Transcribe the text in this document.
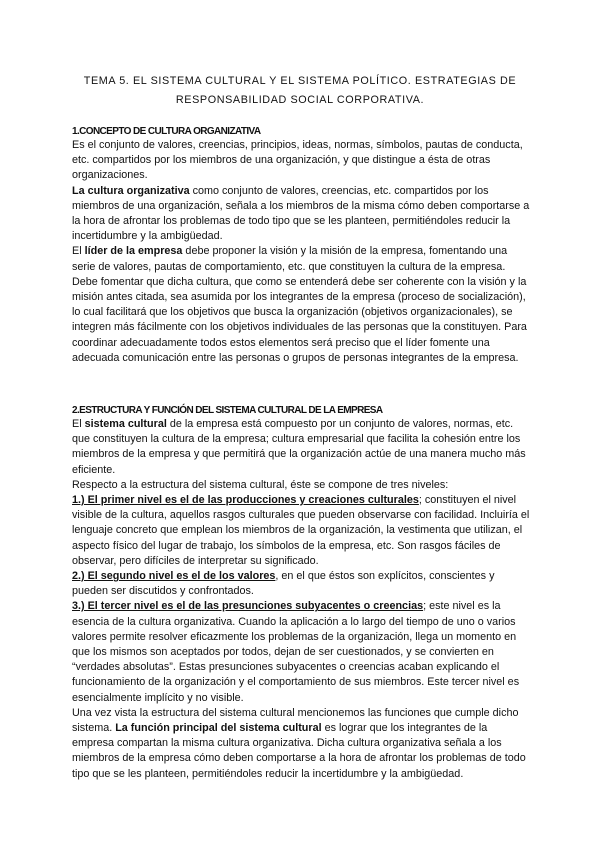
TEMA 5. EL SISTEMA CULTURAL Y EL SISTEMA POLÍTICO. ESTRATEGIAS DE RESPONSABILIDAD SOCIAL CORPORATIVA.
1.CONCEPTO DE CULTURA ORGANIZATIVA

Es el conjunto de valores, creencias, principios, ideas, normas, símbolos, pautas de conducta, etc. compartidos por los miembros de una organización, y que distingue a ésta de otras organizaciones.

La cultura organizativa como conjunto de valores, creencias, etc. compartidos por los miembros de una organización, señala a los miembros de la misma cómo deben comportarse a la hora de afrontar los problemas de todo tipo que se les planteen, permitiéndoles reducir la incertidumbre y la ambigüedad.

El líder de la empresa debe proponer la visión y la misión de la empresa, fomentando una serie de valores, pautas de comportamiento, etc. que constituyen la cultura de la empresa. Debe fomentar que dicha cultura, que como se entenderá debe ser coherente con la visión y la misión antes citada, sea asumida por los integrantes de la empresa (proceso de socialización), lo cual facilitará que los objetivos que busca la organización (objetivos organizacionales), se integren más fácilmente con los objetivos individuales de las personas que la constituyen. Para coordinar adecuadamente todos estos elementos será preciso que el líder fomente una adecuada comunicación entre las personas o grupos de personas integrantes de la empresa.

2.ESTRUCTURA Y FUNCIÓN DEL SISTEMA CULTURAL DE LA EMPRESA

El sistema cultural de la empresa está compuesto por un conjunto de valores, normas, etc. que constituyen la cultura de la empresa; cultura empresarial que facilita la cohesión entre los miembros de la empresa y que permitirá que la organización actúe de una manera mucho más eficiente.

Respecto a la estructura del sistema cultural, éste se compone de tres niveles:

1.) El primer nivel es el de las producciones y creaciones culturales; constituyen el nivel visible de la cultura, aquellos rasgos culturales que pueden observarse con facilidad. Incluiría el lenguaje concreto que emplean los miembros de la organización, la vestimenta que utilizan, el aspecto físico del lugar de trabajo, los símbolos de la empresa, etc. Son rasgos fáciles de observar, pero difíciles de interpretar su significado.

2.) El segundo nivel es el de los valores, en el que éstos son explícitos, conscientes y pueden ser discutidos y confrontados.

3.) El tercer nivel es el de las presunciones subyacentes o creencias; este nivel es la esencia de la cultura organizativa. Cuando la aplicación a lo largo del tiempo de uno o varios valores permite resolver eficazmente los problemas de la organización, llega un momento en que los mismos son aceptados por todos, dejan de ser cuestionados, y se convierten en “verdades absolutas”. Estas presunciones subyacentes o creencias acaban explicando el funcionamiento de la organización y el comportamiento de sus miembros. Este tercer nivel es esencialmente implícito y no visible.

Una vez vista la estructura del sistema cultural mencionemos las funciones que cumple dicho sistema. La función principal del sistema cultural es lograr que los integrantes de la empresa compartan la misma cultura organizativa. Dicha cultura organizativa señala a los miembros de la empresa cómo deben comportarse a la hora de afrontar los problemas de todo tipo que se les planteen, permitiéndoles reducir la incertidumbre y la ambigüedad.
